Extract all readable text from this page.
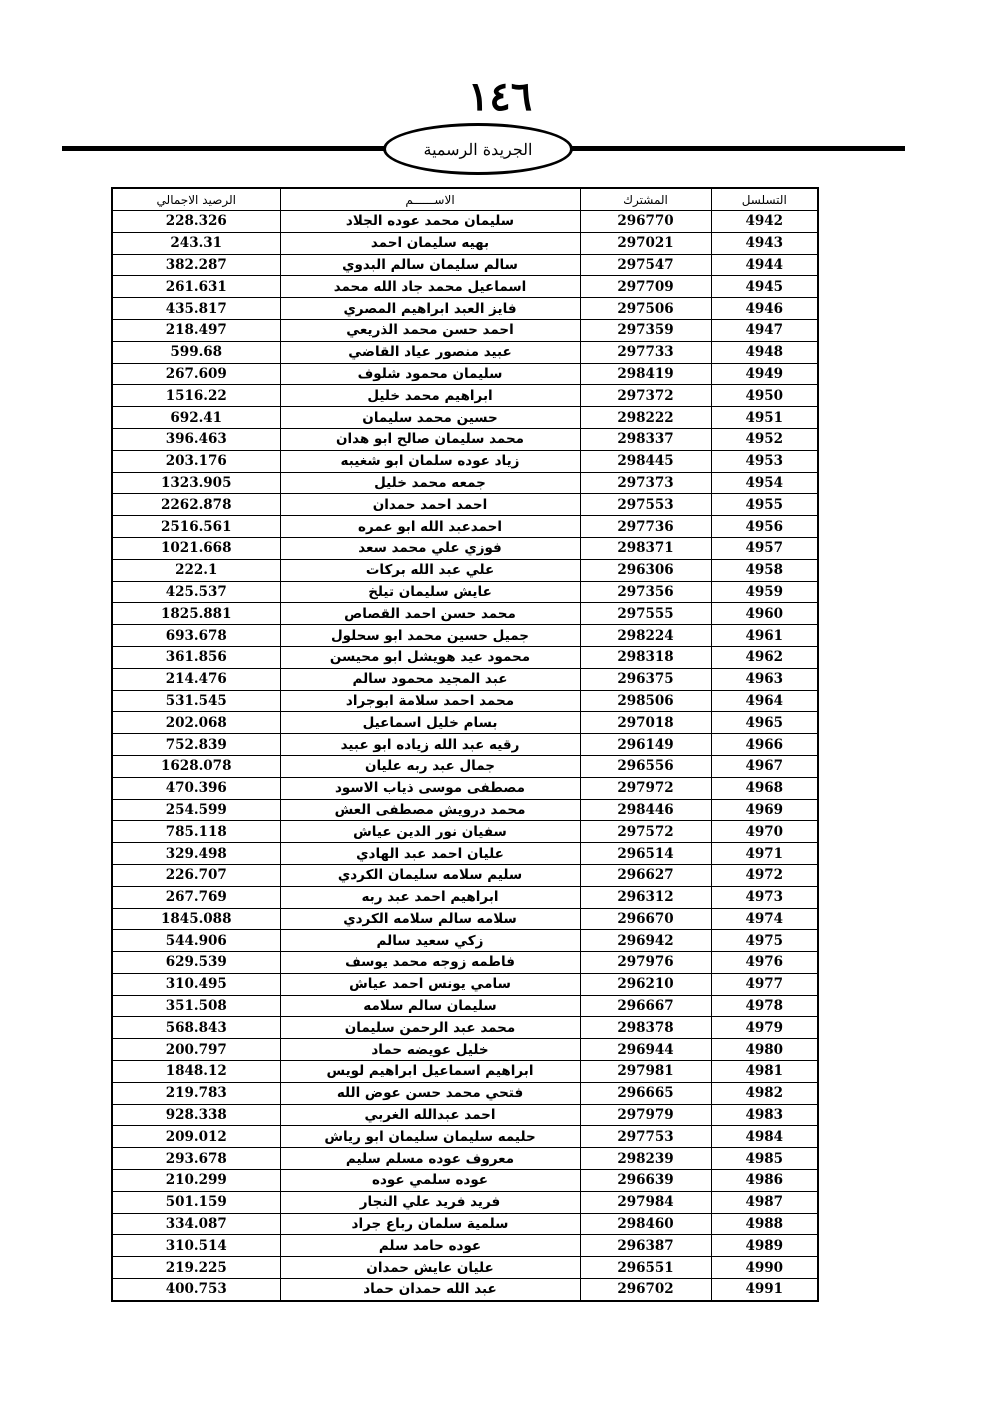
١٤٦
الجريدة الرسمية
التسلسل	المشترك	الاســــــم	الرصيد الاجمالي
4942	296770	سليمان محمد عوده الجلاد	228.326
4943	297021	بهيه سليمان احمد	243.31
4944	297547	سالم سليمان سالم البدوي	382.287
4945	297709	اسماعيل محمد جاد الله محمد	261.631
4946	297506	فايز العبد ابراهيم المصري	435.817
4947	297359	احمد حسن محمد الذريعي	218.497
4948	297733	عبيد منصور عياد القاضي	599.68
4949	298419	سليمان محمود شلوف	267.609
4950	297372	ابراهيم محمد خليل	1516.22
4951	298222	حسين محمد سليمان	692.41
4952	298337	محمد سليمان صالح ابو هدان	396.463
4953	298445	زياد عوده سلمان ابو شغيبه	203.176
4954	297373	جمعه محمد خليل	1323.905
4955	297553	احمد احمد حمدان	2262.878
4956	297736	احمدعبد الله ابو عمره	2516.561
4957	298371	فوزي علي محمد سعد	1021.668
4958	296306	علي عبد الله بركات	222.1
4959	297356	عايش سليمان تيلخ	425.537
4960	297555	محمد حسن احمد القصاص	1825.881
4961	298224	جميل حسين محمد ابو سحلول	693.678
4962	298318	محمود عيد هويشل ابو محيسن	361.856
4963	296375	عبد المجيد محمود سالم	214.476
4964	298506	محمد احمد سلامة ابوجراد	531.545
4965	297018	بسام خليل اسماعيل	202.068
4966	296149	رقيه عبد الله زياده ابو عبيد	752.839
4967	296556	جمال عبد ربه عليان	1628.078
4968	297972	مصطفى موسى ذياب الاسود	470.396
4969	298446	محمد درويش مصطفى العش	254.599
4970	297572	سفيان نور الدين عياش	785.118
4971	296514	عليان احمد عبد الهادي	329.498
4972	296627	سليم سلامه سليمان الكردي	226.707
4973	296312	ابراهيم احمد عبد ربه	267.769
4974	296670	سلامه سالم سلامه الكردي	1845.088
4975	296942	زكي سعيد سالم	544.906
4976	297976	فاطمه زوجه محمد يوسف	629.539
4977	296210	سامي يونس احمد عياش	310.495
4978	296667	سليمان سالم سلامه	351.508
4979	298378	محمد عبد الرحمن سليمان	568.843
4980	296944	خليل عويضه حماد	200.797
4981	297981	ابراهيم اسماعيل ابراهيم لويس	1848.12
4982	296665	فتحي محمد حسن عوض الله	219.783
4983	297979	احمد عبدالله الغربي	928.338
4984	297753	حليمه سليمان سليمان ابو رياش	209.012
4985	298239	معروف عوده مسلم سليم	293.678
4986	296639	عوده سلمي عوده	210.299
4987	297984	فريد فريد علي النجار	501.159
4988	298460	سلمية سلمان رباع جراد	334.087
4989	296387	عوده حامد سلم	310.514
4990	296551	عليان عايش حمدان	219.225
4991	296702	عبد الله حمدان حماد	400.753
